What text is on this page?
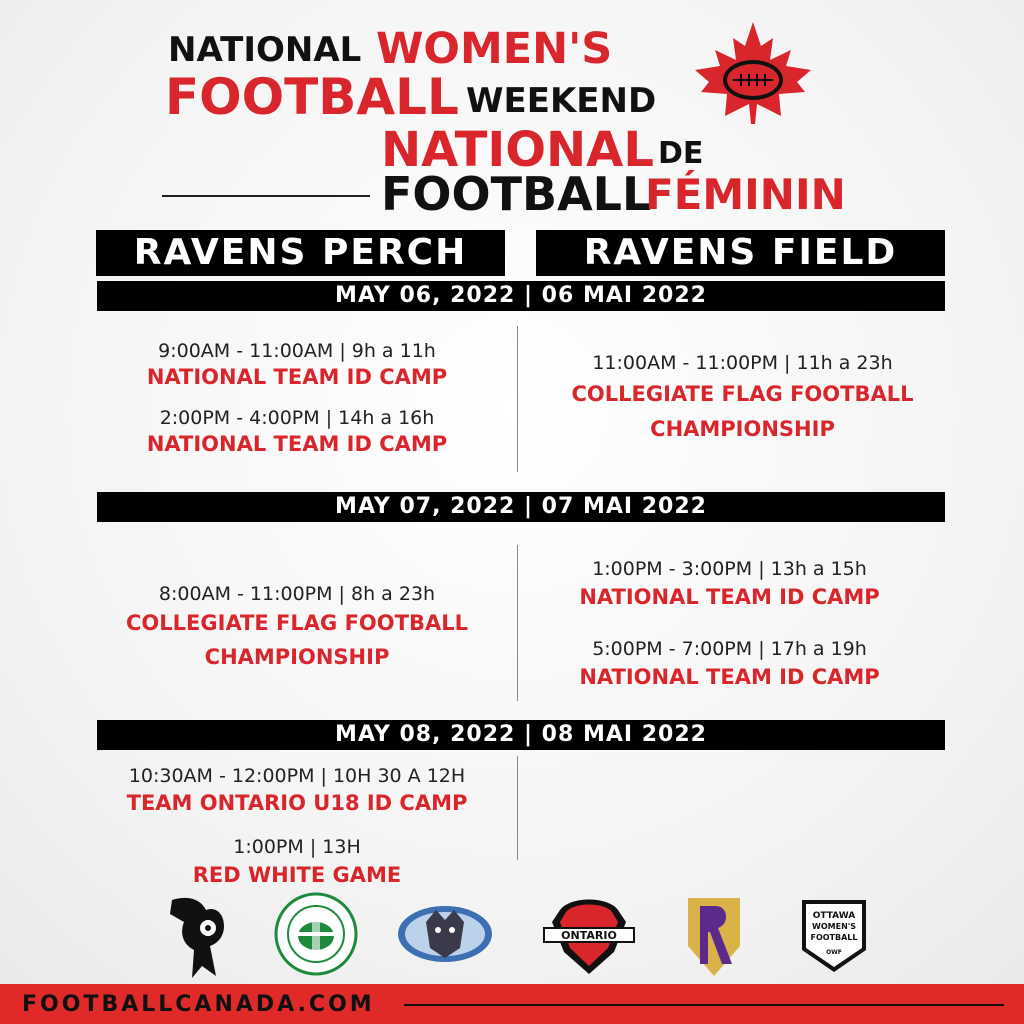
NATIONAL WOMEN'S
FOOTBALL WEEKEND
NATIONAL DE
FOOTBALL
FÉMININ
RAVENS PERCH	RAVENS FIELD
MAY 06, 2022 | 06 MAI 2022
9:00AM - 11:00AM | 9h a 11h
NATIONAL TEAM ID CAMP
2:00PM - 4:00PM | 14h a 16h
NATIONAL TEAM ID CAMP
11:00AM - 11:00PM | 11h a 23h
COLLEGIATE FLAG FOOTBALL
CHAMPIONSHIP
MAY 07, 2022 | 07 MAI 2022
8:00AM - 11:00PM | 8h a 23h
COLLEGIATE FLAG FOOTBALL
CHAMPIONSHIP
1:00PM - 3:00PM | 13h a 15h
NATIONAL TEAM ID CAMP
5:00PM - 7:00PM | 17h a 19h
NATIONAL TEAM ID CAMP
MAY 08, 2022 | 08 MAI 2022
10:30AM - 12:00PM | 10H 30 A 12H
TEAM ONTARIO U18 ID CAMP
1:00PM | 13H
RED WHITE GAME
ONTARIO
OTTAWA
WOMEN'S
FOOTBALL
OWF
FOOTBALLCANADA.COM
